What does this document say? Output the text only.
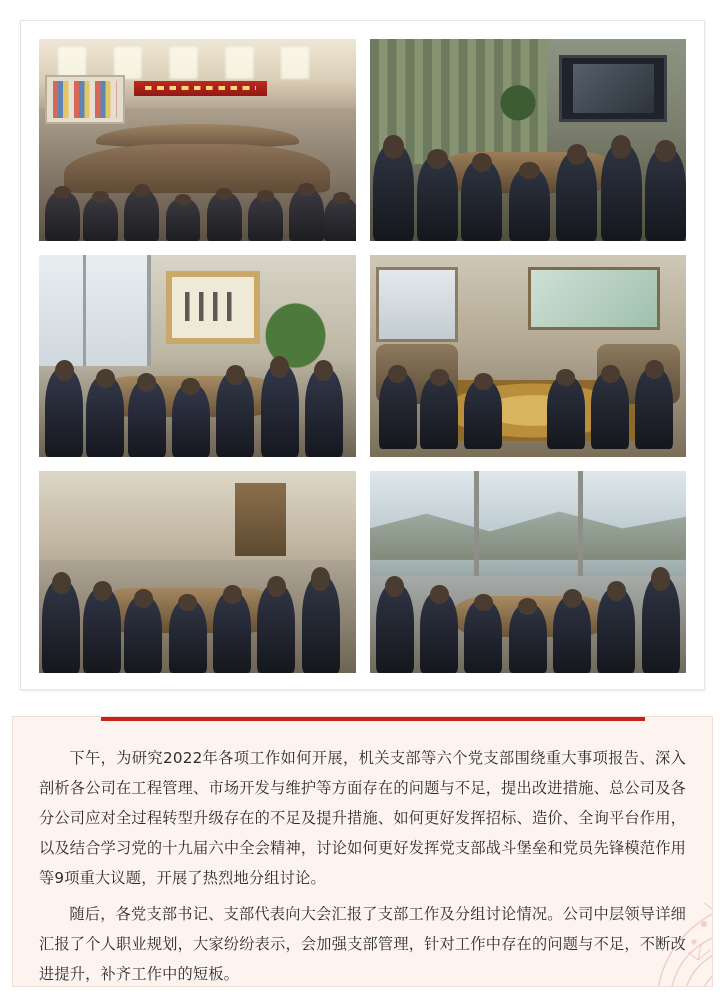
下午，为研究2022年各项工作如何开展，机关支部等六个党支部围绕重大事项报告、深入剖析各公司在工程管理、市场开发与维护等方面存在的问题与不足，提出改进措施、总公司及各分公司应对全过程转型升级存在的不足及提升措施、如何更好发挥招标、造价、全询平台作用，以及结合学习党的十九届六中全会精神，讨论如何更好发挥党支部战斗堡垒和党员先锋模范作用等9项重大议题，开展了热烈地分组讨论。

随后，各党支部书记、支部代表向大会汇报了支部工作及分组讨论情况。公司中层领导详细汇报了个人职业规划，大家纷纷表示，会加强支部管理，针对工作中存在的问题与不足，不断改进提升，补齐工作中的短板。
